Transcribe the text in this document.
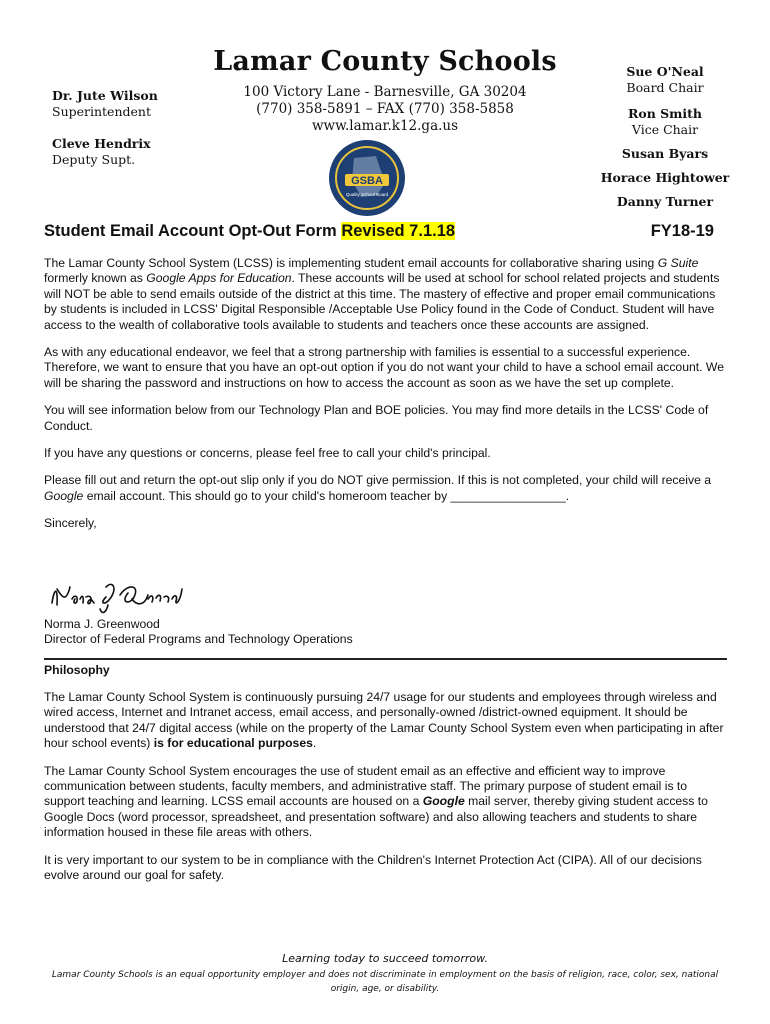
Lamar County Schools
100 Victory Lane - Barnesville, GA 30204
(770) 358-5891 – FAX (770) 358-5858
www.lamar.k12.ga.us
Dr. Jute Wilson
Superintendent
Cleve Hendrix
Deputy Supt.
Sue O'Neal
Board Chair
Ron Smith
Vice Chair
Susan Byars
Horace Hightower
Danny Turner
GSBA
Quality School Board
Student Email Account Opt-Out Form Revised 7.1.18	FY18-19

The Lamar County School System (LCSS) is implementing student email accounts for collaborative sharing using G Suite formerly known as Google Apps for Education. These accounts will be used at school for school related projects and students will NOT be able to send emails outside of the district at this time. The mastery of effective and proper email communications by students is included in LCSS' Digital Responsible /Acceptable Use Policy found in the Code of Conduct. Student will have access to the wealth of collaborative tools available to students and teachers once these accounts are assigned.

As with any educational endeavor, we feel that a strong partnership with families is essential to a successful experience. Therefore, we want to ensure that you have an opt-out option if you do not want your child to have a school email account. We will be sharing the password and instructions on how to access the account as soon as we have the set up complete.

You will see information below from our Technology Plan and BOE policies. You may find more details in the LCSS' Code of Conduct.

If you have any questions or concerns, please feel free to call your child's principal.

Please fill out and return the opt-out slip only if you do NOT give permission. If this is not completed, your child will receive a Google email account. This should go to your child's homeroom teacher by _________________.

Sincerely,

Norma J. Greenwood
Director of Federal Programs and Technology Operations
Philosophy

The Lamar County School System is continuously pursuing 24/7 usage for our students and employees through wireless and wired access, Internet and Intranet access, email access, and personally-owned /district-owned equipment. It should be understood that 24/7 digital access (while on the property of the Lamar County School System even when participating in after hour school events) is for educational purposes.

The Lamar County School System encourages the use of student email as an effective and efficient way to improve communication between students, faculty members, and administrative staff. The primary purpose of student email is to support teaching and learning. LCSS email accounts are housed on a Google mail server, thereby giving student access to Google Docs (word processor, spreadsheet, and presentation software) and also allowing teachers and students to share information housed in these file areas with others.

It is very important to our system to be in compliance with the Children's Internet Protection Act (CIPA). All of our decisions evolve around our goal for safety.

Learning today to succeed tomorrow.
Lamar County Schools is an equal opportunity employer and does not discriminate in employment on the basis of religion, race, color, sex, national origin, age, or disability.
